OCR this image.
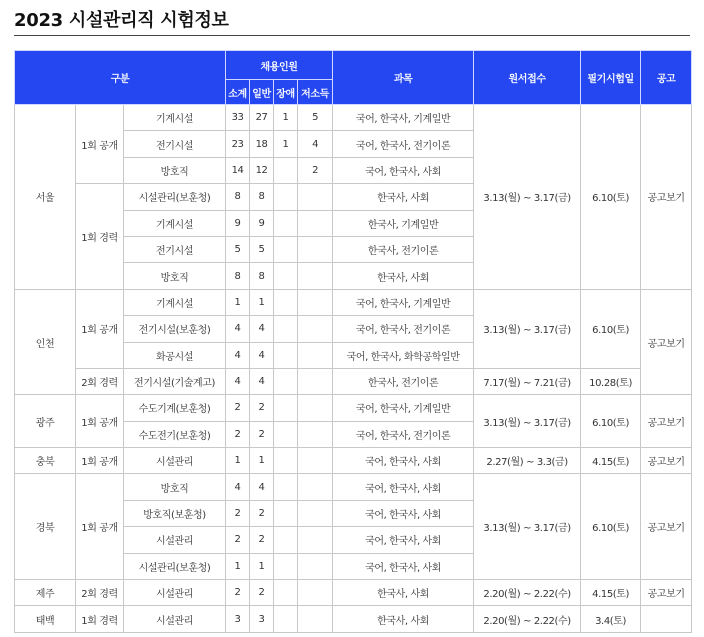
2023 시설관리직 시험정보
구분			채용인원				과목	원서접수	필기시험일	공고
			소계	일반	장애	저소득				
서울	1회 공개	기계시설	33	27	1	5	국어, 한국사, 기계일반	3.13(월) ~ 3.17(금)	6.10(토)	공고보기
		전기시설	23	18	1	4	국어, 한국사, 전기이론			
		방호직	14	12		2	국어, 한국사, 사회			
	1회 경력	시설관리(보훈청)	8	8			한국사, 사회			
		기계시설	9	9			한국사, 기계일반			
		전기시설	5	5			한국사, 전기이론			
		방호직	8	8			한국사, 사회			
인천	1회 공개	기계시설	1	1			국어, 한국사, 기계일반	3.13(월) ~ 3.17(금)	6.10(토)	공고보기
		전기시설(보훈청)	4	4			국어, 한국사, 전기이론			
		화공시설	4	4			국어, 한국사, 화학공학일반			
	2회 경력	전기시설(기술계고)	4	4			한국사, 전기이론	7.17(월) ~ 7.21(금)	10.28(토)	
광주	1회 공개	수도기계(보훈청)	2	2			국어, 한국사, 기계일반	3.13(월) ~ 3.17(금)	6.10(토)	공고보기
		수도전기(보훈청)	2	2			국어, 한국사, 전기이론			
충북	1회 공개	시설관리	1	1			국어, 한국사, 사회	2.27(월) ~ 3.3(금)	4.15(토)	공고보기
경북	1회 공개	방호직	4	4			국어, 한국사, 사회	3.13(월) ~ 3.17(금)	6.10(토)	공고보기
		방호직(보훈청)	2	2			국어, 한국사, 사회			
		시설관리	2	2			국어, 한국사, 사회			
		시설관리(보훈청)	1	1			국어, 한국사, 사회			
제주	2회 경력	시설관리	2	2			한국사, 사회	2.20(월) ~ 2.22(수)	4.15(토)	공고보기
태백	1회 경력	시설관리	3	3			한국사, 사회	2.20(월) ~ 2.22(수)	3.4(토)	
